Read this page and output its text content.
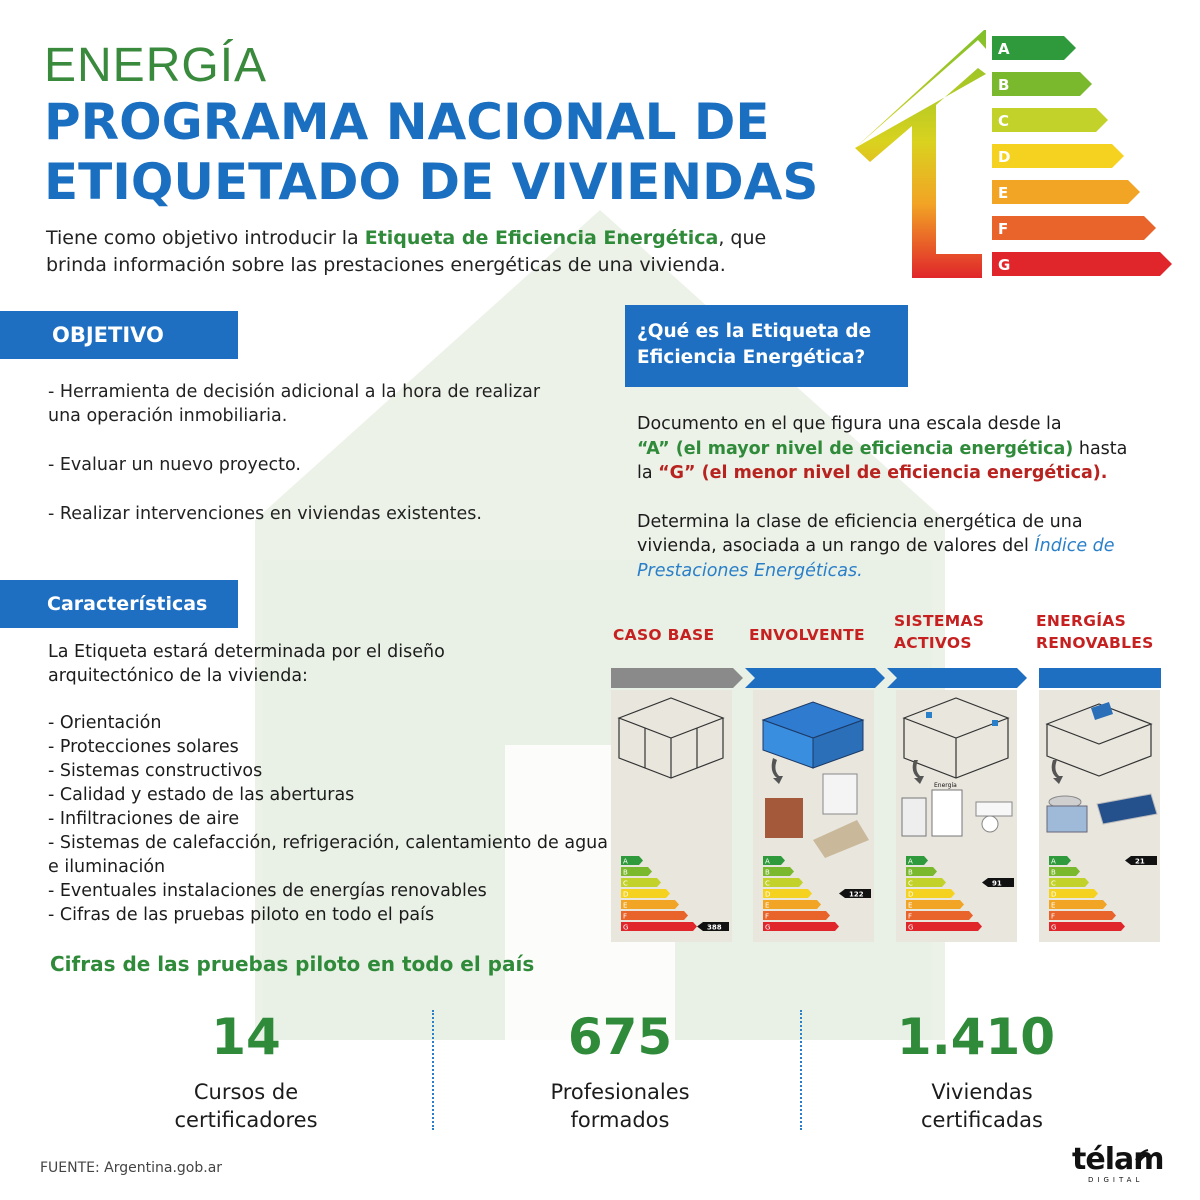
ENERGÍA
PROGRAMA NACIONAL DE
ETIQUETADO DE VIVIENDAS
Tiene como objetivo introducir la Etiqueta de Eficiencia Energética, que
brinda información sobre las prestaciones energéticas de una vivienda.
A
B
C
D
E
F
G
OBJETIVO

- Herramienta de decisión adicional a la hora de realizar una operación inmobiliaria.

- Evaluar un nuevo proyecto.

- Realizar intervenciones en viviendas existentes.

¿Qué es la Etiqueta de
Eficiencia Energética?

Documento en el que figura una escala desde la
“A” (el mayor nivel de eficiencia energética) hasta
la “G” (el menor nivel de eficiencia energética).

Determina la clase de eficiencia energética de una vivienda, asociada a un rango de valores del Índice de Prestaciones Energéticas.

Características
La Etiqueta estará determinada por el diseño arquitectónico de la vivienda:
- Orientación
- Protecciones solares
- Sistemas constructivos
- Calidad y estado de las aberturas
- Infiltraciones de aire
- Sistemas de calefacción, refrigeración, calentamiento de agua e iluminación
- Eventuales instalaciones de energías renovables
- Cifras de las pruebas piloto en todo el país
CASO BASE ENVOLVENTE
SISTEMAS
ACTIVOS
ENERGÍAS
RENOVABLES
A
B
C
D
E
F
G	388
A
B
C
D	122
E
F
G
Energía
A
B
C	91
D
E
F
G
A	21
B
C
D
E
F
G
Cifras de las pruebas piloto en todo el país
14
Cursos de
certificadores
675
Profesionales
formados
1.410
Viviendas
certificadas
FUENTE: Argentina.gob.ar	télam
DIGITAL
